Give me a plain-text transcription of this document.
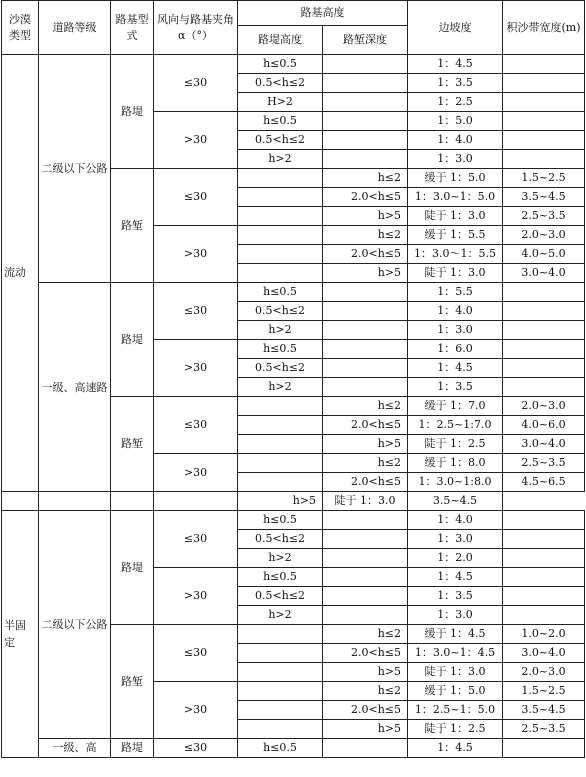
沙漠类型	道路等级	路基型式	风向与路基夹角α（°）	路基高度		边坡度	积沙带宽度(m)
				路堤高度	路堑深度		
流动	二级以下公路	路堤	≤30	h≤0.5		1：4.5	
				0.5<h≤2		1：3.5	
				H>2		1：2.5	
			>30	h≤0.5		1：5.0	
				0.5<h≤2		1：4.0	
				h>2		1：3.0	
		路堑	≤30		h≤2	缓于 1：5.0	1.5~2.5
					2.0<h≤5	1：3.0~1：5.0	3.5~4.5
					h>5	陡于 1：3.0	2.5~3.5
			>30		h≤2	缓于 1：5.5	2.0~3.0
					2.0<h≤5	1：3.0～1：5.5	4.0~5.0
					h>5	陡于 1：3.0	3.0~4.0
	一级、高速路	路堤	≤30	h≤0.5		1：5.5	
				0.5<h≤2		1：4.0	
				h>2		1：3.0	
			>30	h≤0.5		1：6.0	
				0.5<h≤2		1：4.5	
				h>2		1：3.5	
		路堑	≤30		h≤2	缓于 1：7.0	2.0~3.0
					2.0<h≤5	1：2.5~1:7.0	4.0~6.0
					h>5	陡于 1：2.5	3.0~4.0
			>30		h≤2	缓于 1：8.0	2.5~3.5
					2.0<h≤5	1：3.0~1:8.0	4.5~6.5
				h>5	陡于 1：3.0	3.5~4.5	
半固定	二级以下公路	路堤	≤30	h≤0.5		1：4.0	
				0.5<h≤2		1：3.0	
				h>2		1：2.0	
			>30	h≤0.5		1：4.5	
				0.5<h≤2		1：3.5	
				h>2		1：3.0	
		路堑	≤30		h≤2	缓于 1：4.5	1.0~2.0
					2.0<h≤5	1：3.0~1：4.5	3.0~4.0
					h>5	陡于 1：3.0	2.0~3.0
			>30		h≤2	缓于 1：5.0	1.5~2.5
					2.0<h≤5	1：2.5~1：5.0	3.5~4.5
					h>5	陡于 1：2.5	2.5~3.5
	一级、高	路堤	≤30	h≤0.5		1：4.5	
